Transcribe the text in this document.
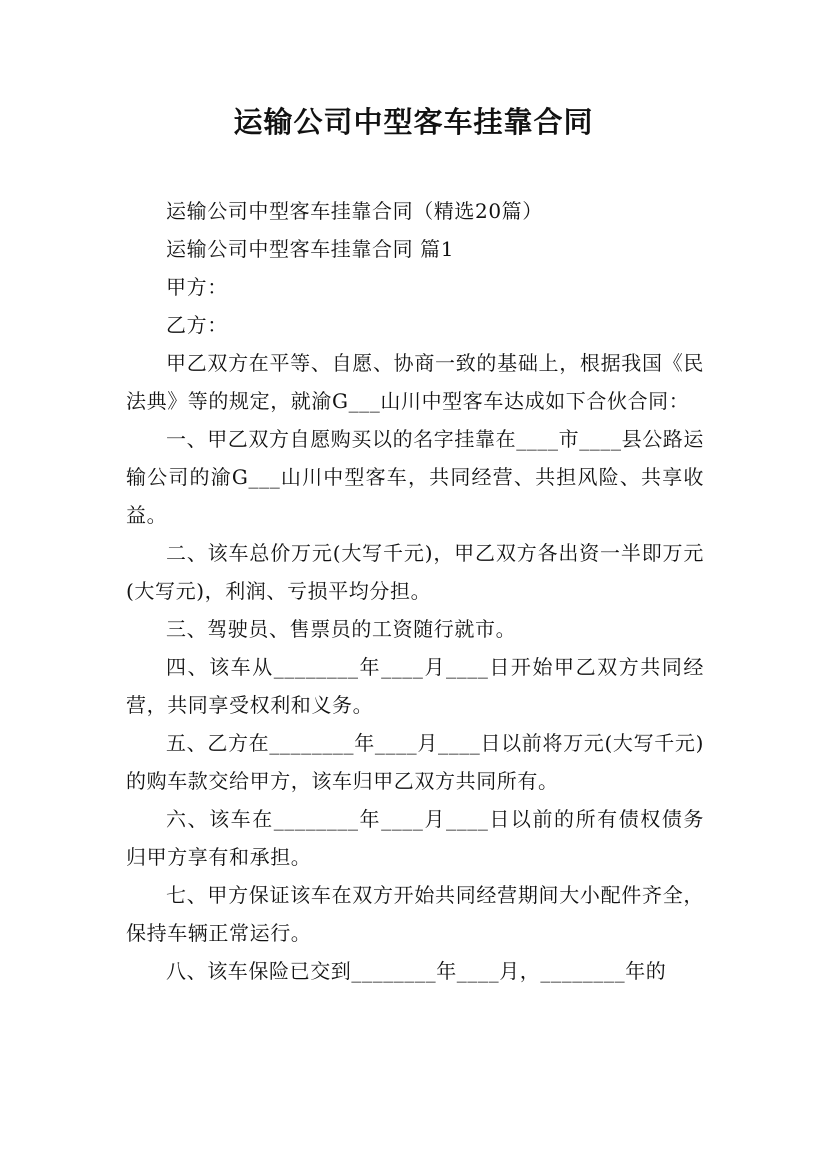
运输公司中型客车挂靠合同

运输公司中型客车挂靠合同（精选20篇）

运输公司中型客车挂靠合同 篇1

甲方：

乙方：

甲乙双方在平等、自愿、协商一致的基础上，根据我国《民法典》等的规定，就渝G___山川中型客车达成如下合伙合同：

一、甲乙双方自愿购买以的名字挂靠在____市____县公路运输公司的渝G___山川中型客车，共同经营、共担风险、共享收益。

二、该车总价万元(大写千元)，甲乙双方各出资一半即万元(大写元)，利润、亏损平均分担。

三、驾驶员、售票员的工资随行就市。

四、该车从________年____月____日开始甲乙双方共同经营，共同享受权利和义务。

五、乙方在________年____月____日以前将万元(大写千元)的购车款交给甲方，该车归甲乙双方共同所有。

六、该车在________年____月____日以前的所有债权债务归甲方享有和承担。

七、甲方保证该车在双方开始共同经营期间大小配件齐全，保持车辆正常运行。

八、该车保险已交到________年____月，________年的
